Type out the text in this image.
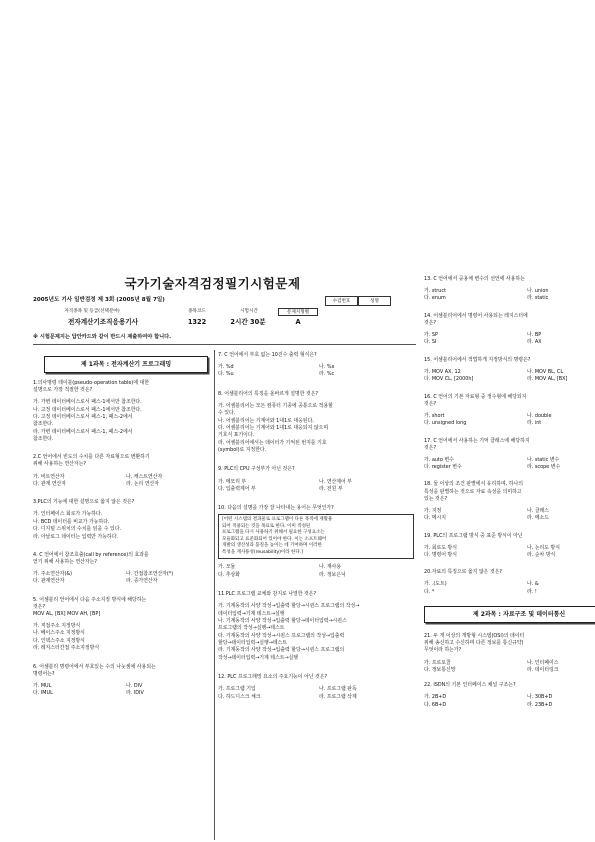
국가기술자격검정필기시험문제
2005년도 기사 일반검정 제 3회 (2005년 8월 7일)	수검번호	성명
자격종목 및 등급(선택분야)	종목코드	시험시간	문제지형별
전자계산기조직응용기사	1322	2시간 30분	A
※ 시험문제지는 답안카드와 같이 반드시 제출하여야 합니다.
제 1과목 : 전자계산기 프로그래밍
1.의사명령 테이블(pseudo-operation table)에 대한
설명으로 가장 적절한 것은?
가. 가변 데이터베이스로서 패스-1에서만 참조한다.
나. 고정 데이터베이스로서 패스-1에서만 참조한다.
다. 고정 데이터베이스로서 패스-1, 패스-2에서
참조한다.
라. 가변 데이터베이스로서 패스-1, 패스-2에서
참조한다.
2.C 언어에서 빈도의 수치를 다른 자료형으로 변환하기
위해 사용하는 연산자는?
가. 비트연산자	나. 캐스트연산자
다. 관계 연산자	라. 논리 연산자
3.PLC의 기능에 대한 설명으로 옳지 않은 것은?
가. 인터페이스 회로가 가능하다.
나. BCD 데이터를 비교가 가능하다.
다. 디지털 스위치의 수치를 읽을 수 있다.
라. 아날로그 데이터는 입력만 가능하다.
4. C 언어에서 참조호출(call by reference)의 효과를
얻기 위해 사용하는 연산자는?
가. 주소연산자(&)	나. 간접참조연산자(*)
다. 관계연산자	라. 증가연산자
5. 어셈블리 언어에서 다음 주소지정 방식에 해당하는
것은?
MOV AL, [BX] MOV AH, [BP]
가. 직접주소 지정방식
나. 베이스주소 지정방식
다. 인덱스주소 지정방식
라. 레지스터간접 주소지정방식
6. 어셈블리 명령어에서 부호있는 수의 나눗셈에 사용되는
명령어는?
가. MUL	나. DIV
다. IMUL	라. IDIV
7. C 언어에서 부호 없는 10진수 출력 형식은?
가. %d	나. %x
다. %u	라. %c
8. 어셈블리어의 특징을 올바르게 설명한 것은?
가. 어셈블리어는 모든 컴퓨터 기종에 공통으로 적용할
수 있다.
나. 어셈블리어는 기계어와 1대1로 대응된다.
다. 어셈블리어는 기계어와 1대1로 대응되지 않으며
기호식 표기이다.
라. 어셈블리어에서는 데이터가 기억된 번지를 기호
(symbol)로 지정한다.
9. PLC의 CPU 구성부가 아닌 것은?
가. 메모리 부	나. 연산제어 부
다. 입출력제어 부	라. 전원 부
10. 다음의 설명을 가장 잘 나타내는 용어는 무엇인가?
[어떤 시스템의 결과물로 프로그램이 다른 목적에 재활용
되어 적용되는 것을 목표로 한다. 이미 작성된
프로그램을 다시 사용하기 위해서 필요한 구성요소는
모듈화되고 표준화되어 있어야 한다. 이는 소프트웨어
개발의 생산성과 품질을 높이는 데 기여하며 이러한
특성을 재사용성(reusability)이라 한다.]
가. 모듈	나. 재사용
다. 추상화	라. 정보은닉
11.PLC 프로그램 교체와 감지로 나열한 것은?
가. 기계동작의 사양 작성→입출력 할당→시퀀스 프로그램의 작성→
데이터입력→기계 테스트→실행
나. 기계동작의 사양 작성→입출력 할당→데이터입력→시퀀스
프로그램의 작성→실행→테스트
다. 기계동작의 사양 작성→시퀀스 프로그램의 작성→입출력
할당→데이터입력→실행→테스트
라. 기계동작의 사양 작성→입출력 할당→시퀀스 프로그램의
작성→데이터입력→기계 테스트→실행
12. PLC 프로그래밍 요소의 주요기능이 아닌 것은?
가. 프로그램 기입	나. 프로그램 판독
다. 하드디스크 체크	라. 프로그램 삭제
13. C 언어에서 공용체 변수의 선언에 사용하는
가. struct	나. union
다. enum	라. static
14. 어셈블리어에서 명령어 사용되는 레지스터에
것은?
가. SP	나. BP
다. SI	라. AX
15. 어셈블리어에서 적법하게 지정방식의 명령은?
가. MOV AX, 12	나. MOV BL, CL
다. MOV CL, [2000h]	라. MOV AL, [BX]
16. C 언어의 기본 자료형 중 정수형에 해당되지
것은?
가. short	나. double
다. unsigned long	라. int
17. C 언어에서 사용하는 기억 클래스에 해당하지
것은?
가. auto 변수	나. static 변수
다. register 변수	라. scope 변수
18. 둘 이상의 조건 판별에서 유리하며, 하나의
특성을 판별하는 것으로 자료 속성을 의미하고
있는 것은?
가. 지정	나. 클래스
다. 메시지	라. 메소드
19. PLC의 프로그램 방식 중 표준 방식이 아닌
가. 회로도 방식	나. 논리도 방식
다. 명령어 방식	라. 순차 방식
20.자료의 특징으로 옳지 않은 것은?
가. .(도트)	나. &
다. *	라. !
제 2과목 : 자료구조 및 데이터통신
21. 두 개 이상의 개방형 시스템(OSI)의 데이터
위해 송신하고 수신하며 다른 정보를 통신규약(
무엇이라 하는가?
가. 프로토콜	나. 인터페이스
다. 정보통신망	라. 데이터링크
22. ISDN의 기본 인터페이스 채널 구조는?
가. 2B+D	나. 30B+D
다. 6B+D	라. 23B+D
